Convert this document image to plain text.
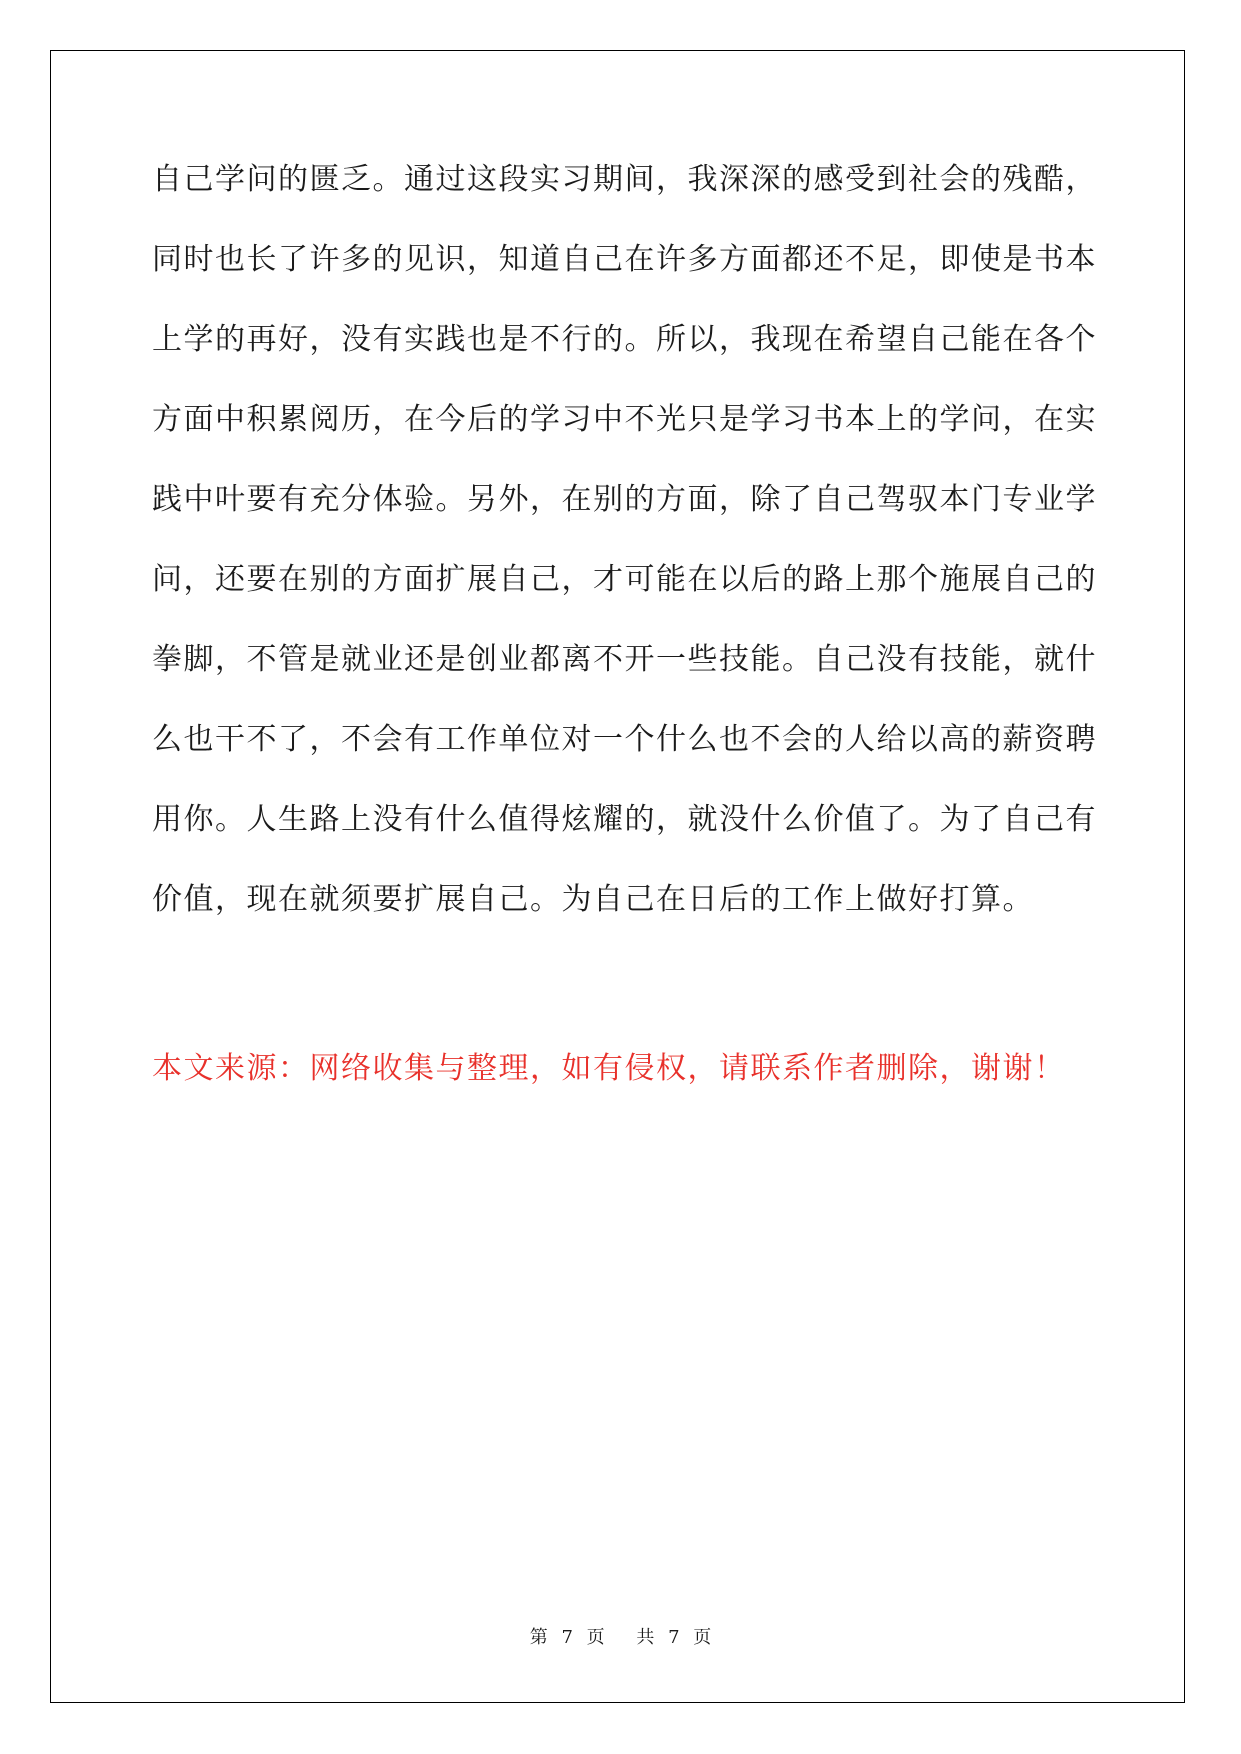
自己学问的匮乏。通过这段实习期间，我深深的感受到社会的残酷，
同时也长了许多的见识，知道自己在许多方面都还不足，即使是书本
上学的再好，没有实践也是不行的。所以，我现在希望自己能在各个
方面中积累阅历，在今后的学习中不光只是学习书本上的学问，在实
践中叶要有充分体验。另外，在别的方面，除了自己驾驭本门专业学
问，还要在别的方面扩展自己，才可能在以后的路上那个施展自己的
拳脚，不管是就业还是创业都离不开一些技能。自己没有技能，就什
么也干不了，不会有工作单位对一个什么也不会的人给以高的薪资聘
用你。人生路上没有什么值得炫耀的，就没什么价值了。为了自己有
价值，现在就须要扩展自己。为自己在日后的工作上做好打算。
本文来源：网络收集与整理，如有侵权，请联系作者删除，谢谢！
第 7 页 共 7 页
